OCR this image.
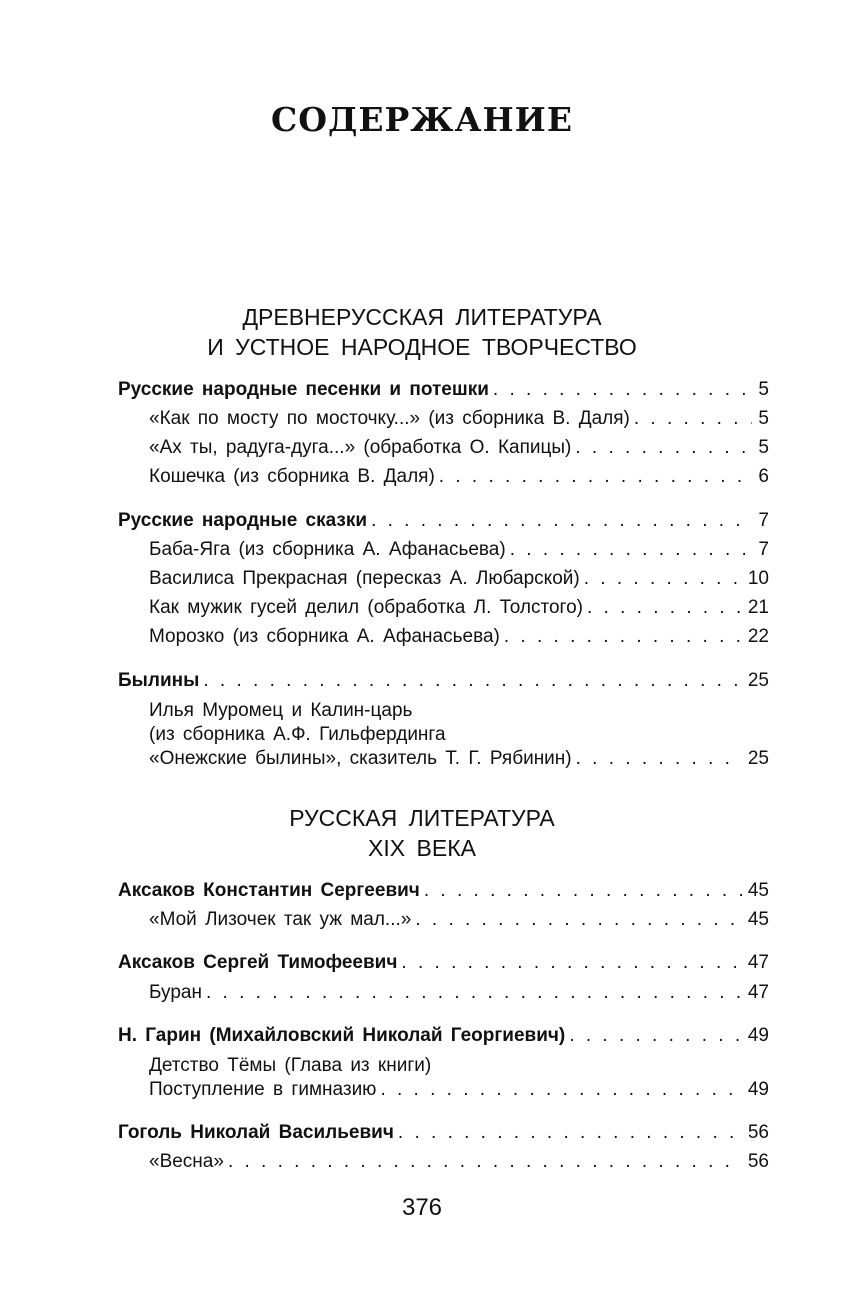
СОДЕРЖАНИЕ
ДРЕВНЕРУССКАЯ ЛИТЕРАТУРА
И УСТНОЕ НАРОДНОЕ ТВОРЧЕСТВО
Русские народные песенки и потешки . . .	5
«Как по мосту по мосточку...» (из сборника В. Даля) . . .	5
«Ах ты, радуга-дуга...» (обработка О. Капицы) . . .	5
Кошечка (из сборника В. Даля) . . .	6
Русские народные сказки . . .	7
Баба-Яга (из сборника А. Афанасьева) . . .	7
Василиса Прекрасная (пересказ А. Любарской) . . .	10
Как мужик гусей делил (обработка Л. Толстого) . . .	21
Морозко (из сборника А. Афанасьева) . . .	22
Былины . . .	25
Илья Муромец и Калин-царь
(из сборника А.Ф. Гильфердинга
«Онежские былины», сказитель Т. Г. Рябинин) . . .	25
РУССКАЯ ЛИТЕРАТУРА
XIX ВЕКА
Аксаков Константин Сергеевич . . .	45
«Мой Лизочек так уж мал...» . . .	45
Аксаков Сергей Тимофеевич . . .	47
Буран . . .	47
Н. Гарин (Михайловский Николай Георгиевич) . . .	49
Детство Тёмы (Глава из книги)
Поступление в гимназию . . .	49
Гоголь Николай Васильевич . . .	56
«Весна» . . .	56
376
